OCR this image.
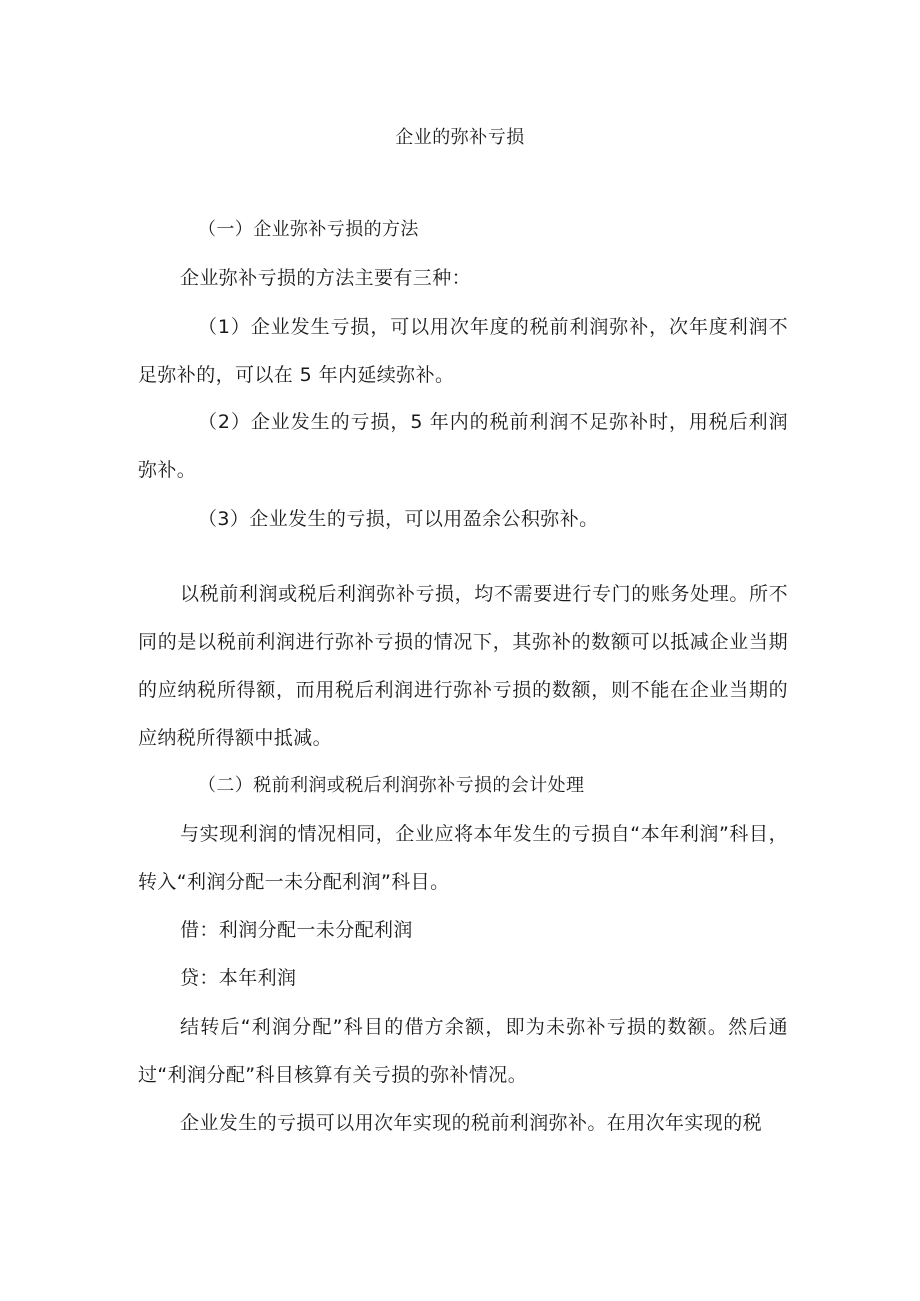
企业的弥补亏损

（一）企业弥补亏损的方法

企业弥补亏损的方法主要有三种：

（1）企业发生亏损，可以用次年度的税前利润弥补，次年度利润不足弥补的，可以在 5 年内延续弥补。

（2）企业发生的亏损，5 年内的税前利润不足弥补时，用税后利润弥补。

（3）企业发生的亏损，可以用盈余公积弥补。

以税前利润或税后利润弥补亏损，均不需要进行专门的账务处理。所不同的是以税前利润进行弥补亏损的情况下，其弥补的数额可以抵减企业当期的应纳税所得额，而用税后利润进行弥补亏损的数额，则不能在企业当期的应纳税所得额中抵减。

（二）税前利润或税后利润弥补亏损的会计处理

与实现利润的情况相同，企业应将本年发生的亏损自“本年利润”科目，转入“利润分配一未分配利润”科目。

借：利润分配一未分配利润

贷：本年利润

结转后“利润分配”科目的借方余额，即为未弥补亏损的数额。然后通过“利润分配”科目核算有关亏损的弥补情况。

企业发生的亏损可以用次年实现的税前利润弥补。在用次年实现的税
